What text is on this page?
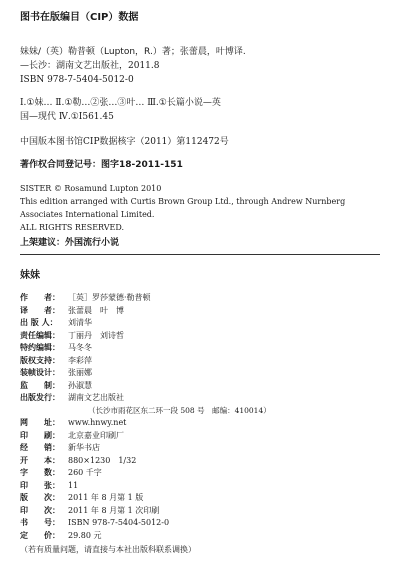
图书在版编目（CIP）数据
妹妹/（英）勒普顿（Lupton，R.）著；张蕾晨，叶博译.
—长沙：湖南文艺出版社，2011.8
ISBN 978-7-5404-5012-0
Ⅰ.①妹… Ⅱ.①勒…②张…③叶… Ⅲ.①长篇小说—英
国—现代 Ⅳ.①I561.45
中国版本图书馆CIP数据核字（2011）第112472号
著作权合同登记号：图字18-2011-151
SISTER © Rosamund Lupton 2010
This edition arranged with Curtis Brown Group Ltd., through Andrew Nurnberg
Associates International Limited.
ALL RIGHTS RESERVED.
上架建议：外国流行小说
妹妹
作　　者：	［英］罗莎蒙德·勒普顿
译　　者：	张蕾晨　叶　博
出 版 人：	刘清华
责任编辑：	丁丽丹　刘诗哲
特约编辑：	马冬冬
版权支持：	李彩萍
装帧设计：	张丽娜
监　　制：	孙淑慧
出版发行：	湖南文艺出版社
（长沙市雨花区东二环一段 508 号　邮编：410014）
网　　址：	www.hnwy.net
印　　刷：	北京嘉业印刷厂
经　　销：	新华书店
开　　本：	880×1230　1/32
字　　数：	260 千字
印　　张：	11
版　　次：	2011 年 8 月第 1 版
印　　次：	2011 年 8 月第 1 次印刷
书　　号：	ISBN 978-7-5404-5012-0
定　　价：	29.80 元
（若有质量问题，请直接与本社出版科联系调换）
